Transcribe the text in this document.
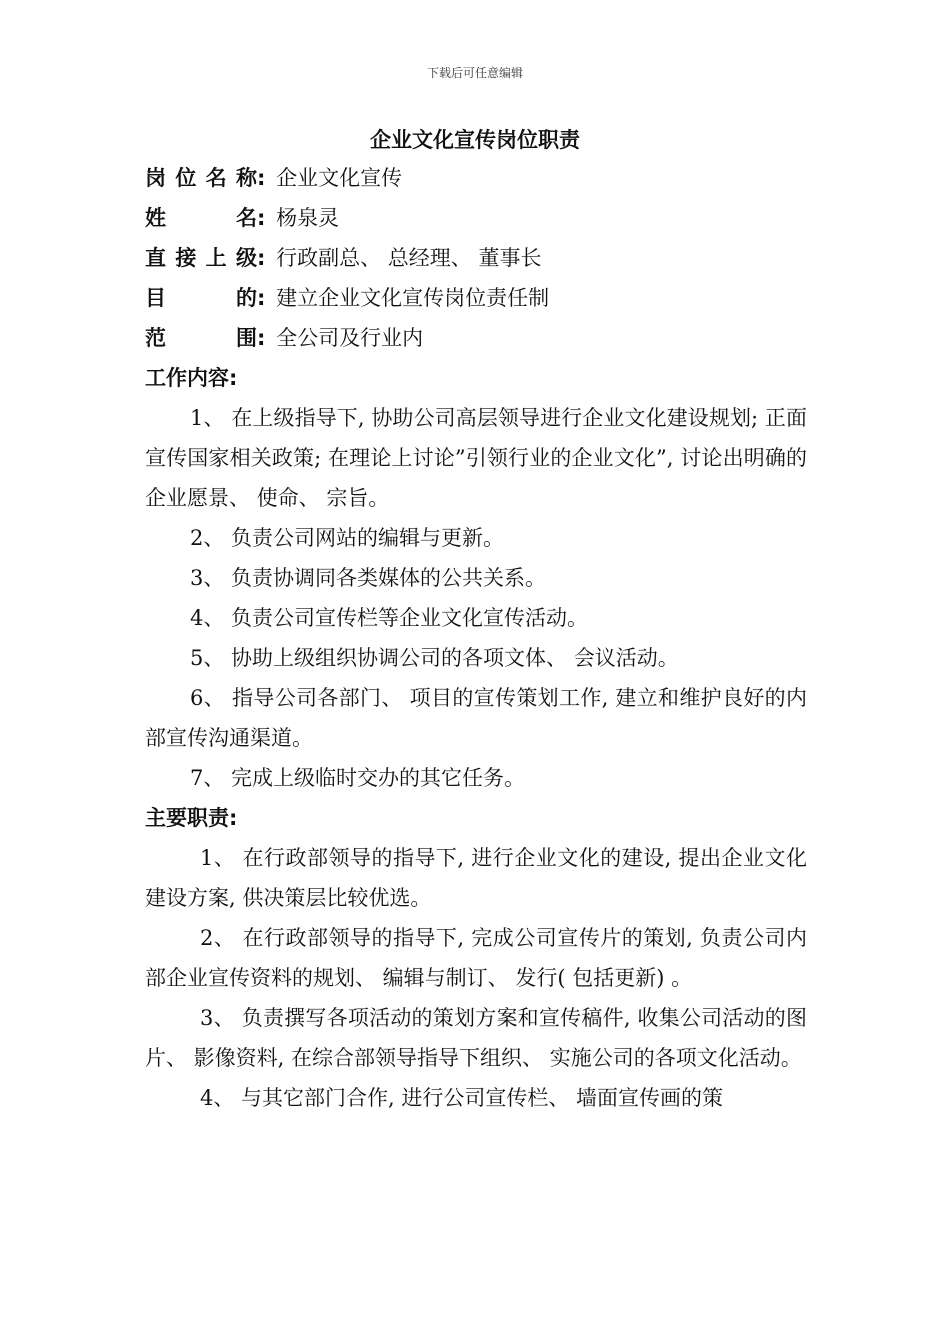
下载后可任意编辑
企业文化宣传岗位职责
岗位名称: 企业文化宣传
姓名: 杨泉灵
直接上级: 行政副总、 总经理、 董事长
目的: 建立企业文化宣传岗位责任制
范围: 全公司及行业内
工作内容:

1、 在上级指导下, 协助公司高层领导进行企业文化建设规划; 正面宣传国家相关政策; 在理论上讨论”引领行业的企业文化”, 讨论出明确的企业愿景、 使命、 宗旨。

2、 负责公司网站的编辑与更新。

3、 负责协调同各类媒体的公共关系。

4、 负责公司宣传栏等企业文化宣传活动。

5、 协助上级组织协调公司的各项文体、 会议活动。

6、 指导公司各部门、 项目的宣传策划工作, 建立和维护良好的内部宣传沟通渠道。

7、 完成上级临时交办的其它任务。

主要职责:

1、 在行政部领导的指导下, 进行企业文化的建设, 提出企业文化建设方案, 供决策层比较优选。

2、 在行政部领导的指导下, 完成公司宣传片的策划, 负责公司内部企业宣传资料的规划、 编辑与制订、 发行( 包括更新) 。

3、 负责撰写各项活动的策划方案和宣传稿件, 收集公司活动的图片、 影像资料, 在综合部领导指导下组织、 实施公司的各项文化活动。

4、 与其它部门合作, 进行公司宣传栏、 墙面宣传画的策
